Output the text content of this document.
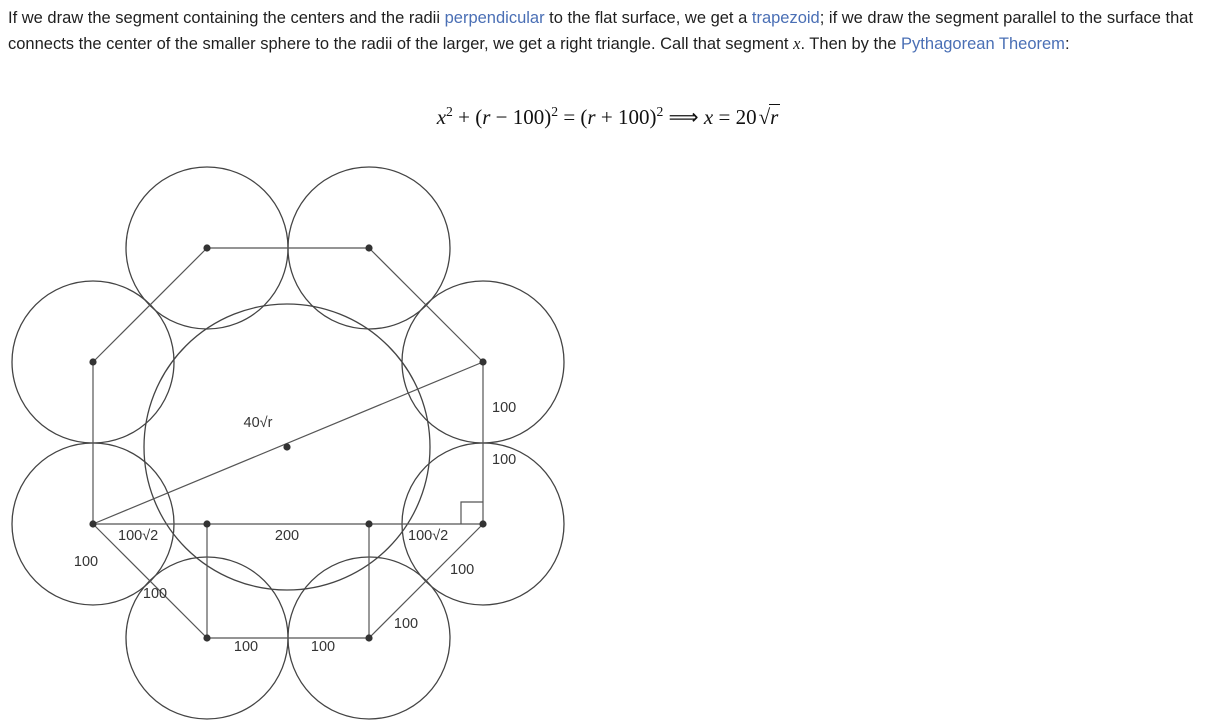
If we draw the segment containing the centers and the radii perpendicular to the flat surface, we get a trapezoid; if we draw the segment parallel to the surface that connects the center of the smaller sphere to the radii of the larger, we get a right triangle. Call that segment x. Then by the Pythagorean Theorem:
$x^2 + (r - 100)^2 = (r + 100)^2$ ⟹ x = 20√r
40√r
100
100
100√2	200	100√2
100	100
100
100
100	100
